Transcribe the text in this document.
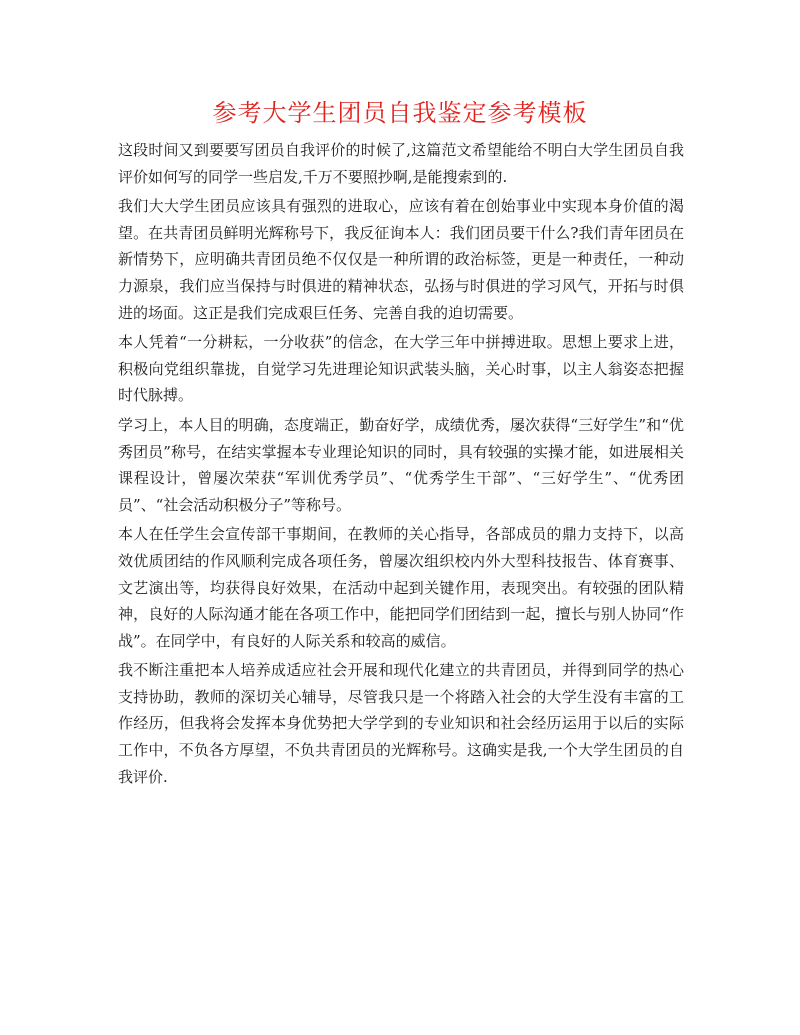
参考大学生团员自我鉴定参考模板

这段时间又到要要写团员自我评价的时候了,这篇范文希望能给不明白大学生团员自我评价如何写的同学一些启发,千万不要照抄啊,是能搜索到的.

我们大大学生团员应该具有强烈的进取心，应该有着在创始事业中实现本身价值的渴望。在共青团员鲜明光辉称号下，我反征询本人：我们团员要干什么?我们青年团员在新情势下，应明确共青团员绝不仅仅是一种所谓的政治标签，更是一种责任，一种动力源泉，我们应当保持与时俱进的精神状态，弘扬与时俱进的学习风气，开拓与时俱进的场面。这正是我们完成艰巨任务、完善自我的迫切需要。

本人凭着“一分耕耘，一分收获”的信念，在大学三年中拼搏进取。思想上要求上进，积极向党组织靠拢，自觉学习先进理论知识武装头脑，关心时事，以主人翁姿态把握时代脉搏。

学习上，本人目的明确，态度端正，勤奋好学，成绩优秀，屡次获得“三好学生”和“优秀团员”称号，在结实掌握本专业理论知识的同时，具有较强的实操才能，如进展相关课程设计，曾屡次荣获“军训优秀学员”、“优秀学生干部”、“三好学生”、“优秀团员”、“社会活动积极分子”等称号。

本人在任学生会宣传部干事期间，在教师的关心指导，各部成员的鼎力支持下，以高效优质团结的作风顺利完成各项任务，曾屡次组织校内外大型科技报告、体育赛事、文艺演出等，均获得良好效果，在活动中起到关键作用，表现突出。有较强的团队精神，良好的人际沟通才能在各项工作中，能把同学们团结到一起，擅长与别人协同“作战”。在同学中，有良好的人际关系和较高的威信。

我不断注重把本人培养成适应社会开展和现代化建立的共青团员，并得到同学的热心支持协助，教师的深切关心辅导，尽管我只是一个将踏入社会的大学生没有丰富的工作经历，但我将会发挥本身优势把大学学到的专业知识和社会经历运用于以后的实际工作中，不负各方厚望，不负共青团员的光辉称号。这确实是我,一个大学生团员的自我评价.
